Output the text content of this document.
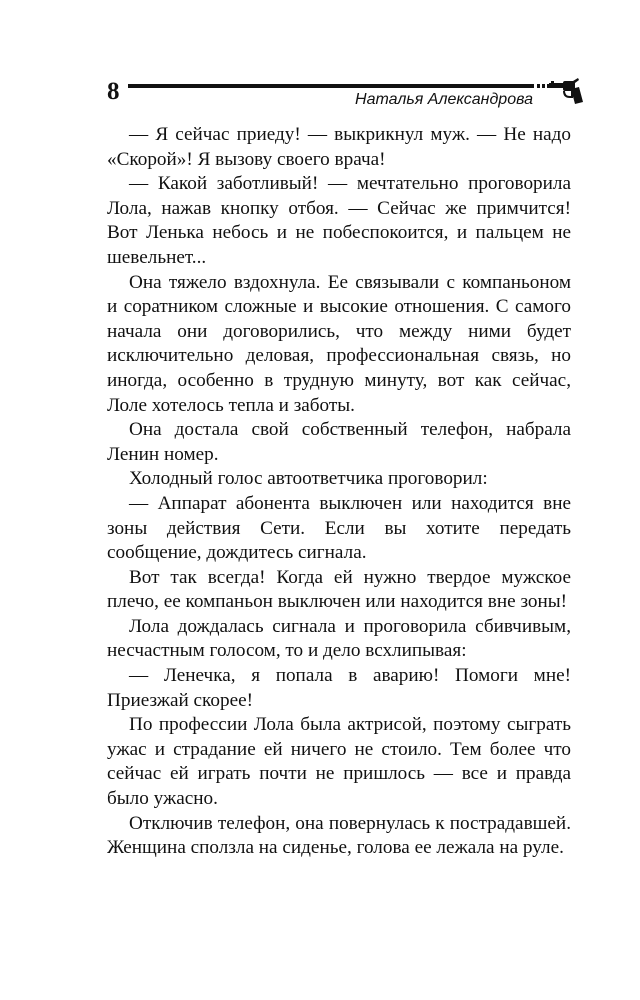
8	Наталья Александрова

— Я сейчас приеду! — выкрикнул муж. — Не надо «Скорой»! Я вызову своего врача!

— Какой заботливый! — мечтательно проговорила Лола, нажав кнопку отбоя. — Сейчас же примчится! Вот Ленька небось и не побеспокоится, и пальцем не шевельнет...

Она тяжело вздохнула. Ее связывали с компаньоном и соратником сложные и высокие отношения. С самого начала они договорились, что между ними будет исключительно деловая, профессиональная связь, но иногда, особенно в трудную минуту, вот как сейчас, Лоле хотелось тепла и заботы.

Она достала свой собственный телефон, набрала Ленин номер.

Холодный голос автоответчика проговорил:

— Аппарат абонента выключен или находится вне зоны действия Сети. Если вы хотите передать сообщение, дождитесь сигнала.

Вот так всегда! Когда ей нужно твердое мужское плечо, ее компаньон выключен или находится вне зоны!

Лола дождалась сигнала и проговорила сбивчивым, несчастным голосом, то и дело всхлипывая:

— Ленечка, я попала в аварию! Помоги мне! Приезжай скорее!

По профессии Лола была актрисой, поэтому сыграть ужас и страдание ей ничего не стоило. Тем более что сейчас ей играть почти не пришлось — все и правда было ужасно.

Отключив телефон, она повернулась к пострадавшей. Женщина сползла на сиденье, голова ее лежала на руле.
